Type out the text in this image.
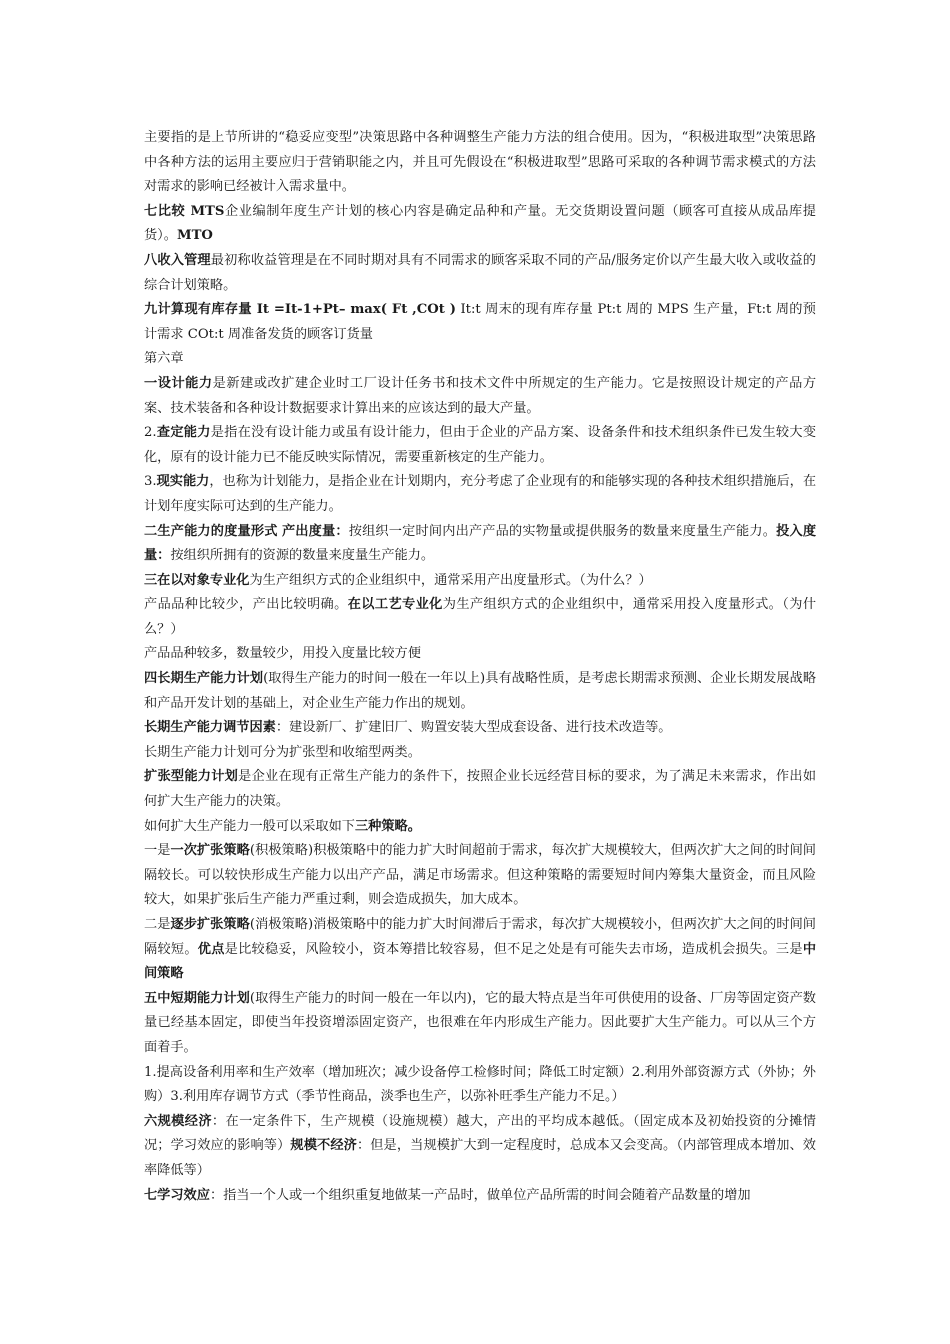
主要指的是上节所讲的“稳妥应变型”决策思路中各种调整生产能力方法的组合使用。因为，“积极进取型”决策思路中各种方法的运用主要应归于营销职能之内，并且可先假设在“积极进取型”思路可采取的各种调节需求模式的方法对需求的影响已经被计入需求量中。

七比较 MTS企业编制年度生产计划的核心内容是确定品种和产量。无交货期设置问题（顾客可直接从成品库提货）。MTO

八收入管理最初称收益管理是在不同时期对具有不同需求的顾客采取不同的产品/服务定价以产生最大收入或收益的综合计划策略。

九计算现有库存量 It =It-1+Pt– max( Ft ,COt ) It:t 周末的现有库存量 Pt:t 周的 MPS 生产量，Ft:t 周的预计需求 COt:t 周准备发货的顾客订货量

第六章

一设计能力是新建或改扩建企业时工厂设计任务书和技术文件中所规定的生产能力。它是按照设计规定的产品方案、技术装备和各种设计数据要求计算出来的应该达到的最大产量。

2.查定能力是指在没有设计能力或虽有设计能力，但由于企业的产品方案、设备条件和技术组织条件已发生较大变化，原有的设计能力已不能反映实际情况，需要重新核定的生产能力。

3.现实能力，也称为计划能力，是指企业在计划期内，充分考虑了企业现有的和能够实现的各种技术组织措施后，在计划年度实际可达到的生产能力。

二生产能力的度量形式 产出度量：按组织一定时间内出产产品的实物量或提供服务的数量来度量生产能力。投入度量：按组织所拥有的资源的数量来度量生产能力。

三在以对象专业化为生产组织方式的企业组织中，通常采用产出度量形式。（为什么？）

产品品种比较少，产出比较明确。在以工艺专业化为生产组织方式的企业组织中，通常采用投入度量形式。（为什么？）

产品品种较多，数量较少，用投入度量比较方便

四长期生产能力计划(取得生产能力的时间一般在一年以上)具有战略性质，是考虑长期需求预测、企业长期发展战略和产品开发计划的基础上，对企业生产能力作出的规划。

长期生产能力调节因素：建设新厂、扩建旧厂、购置安装大型成套设备、进行技术改造等。

长期生产能力计划可分为扩张型和收缩型两类。

扩张型能力计划是企业在现有正常生产能力的条件下，按照企业长远经营目标的要求，为了满足未来需求，作出如何扩大生产能力的决策。

如何扩大生产能力一般可以采取如下三种策略。

一是一次扩张策略(积极策略)积极策略中的能力扩大时间超前于需求，每次扩大规模较大，但两次扩大之间的时间间隔较长。可以较快形成生产能力以出产产品，满足市场需求。但这种策略的需要短时间内筹集大量资金，而且风险较大，如果扩张后生产能力严重过剩，则会造成损失，加大成本。

二是逐步扩张策略(消极策略)消极策略中的能力扩大时间滞后于需求，每次扩大规模较小，但两次扩大之间的时间间隔较短。优点是比较稳妥，风险较小，资本筹措比较容易，但不足之处是有可能失去市场，造成机会损失。三是中间策略

五中短期能力计划(取得生产能力的时间一般在一年以内)，它的最大特点是当年可供使用的设备、厂房等固定资产数量已经基本固定，即使当年投资增添固定资产，也很难在年内形成生产能力。因此要扩大生产能力。可以从三个方面着手。

1.提高设备利用率和生产效率（增加班次；减少设备停工检修时间；降低工时定额）2.利用外部资源方式（外协；外购）3.利用库存调节方式（季节性商品，淡季也生产，以弥补旺季生产能力不足。）

六规模经济：在一定条件下，生产规模（设施规模）越大，产出的平均成本越低。（固定成本及初始投资的分摊情况；学习效应的影响等）规模不经济：但是，当规模扩大到一定程度时，总成本又会变高。（内部管理成本增加、效率降低等）

七学习效应：指当一个人或一个组织重复地做某一产品时，做单位产品所需的时间会随着产品数量的增加
